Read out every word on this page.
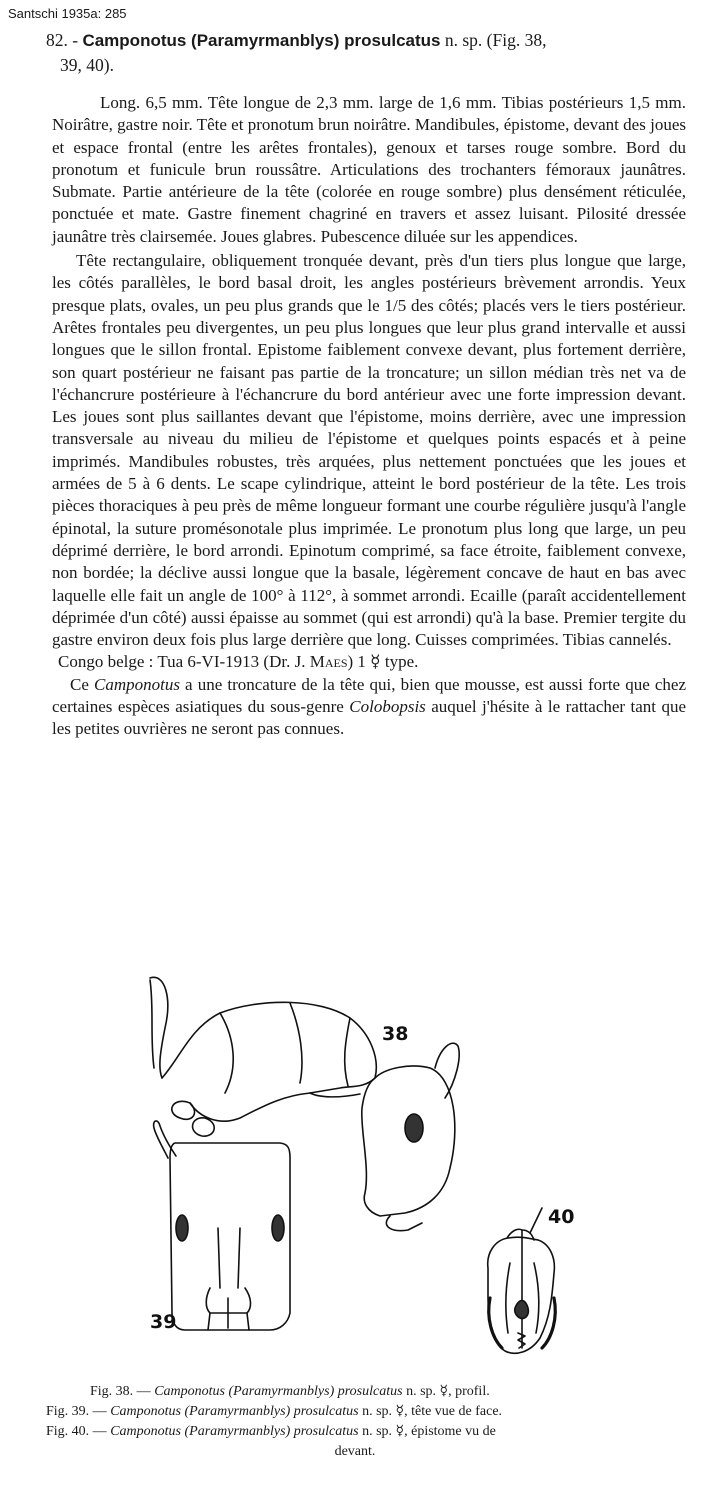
Santschi 1935a: 285
82. - Camponotus (Paramyrmanblys) prosulcatus n. sp. (Fig. 38,
39, 40).

Long. 6,5 mm. Tête longue de 2,3 mm. large de 1,6 mm. Tibias postérieurs 1,5 mm. Noirâtre, gastre noir. Tête et pronotum brun noirâtre. Mandibules, épistome, devant des joues et espace frontal (entre les arêtes frontales), genoux et tarses rouge sombre. Bord du pronotum et funicule brun roussâtre. Articulations des trochanters fémoraux jaunâtres. Submate. Partie antérieure de la tête (colorée en rouge sombre) plus densément réticulée, ponctuée et mate. Gastre finement chagriné en travers et assez luisant. Pilosité dressée jaunâtre très clairsemée. Joues glabres. Pubescence diluée sur les appendices.

Tête rectangulaire, obliquement tronquée devant, près d'un tiers plus longue que large, les côtés parallèles, le bord basal droit, les angles postérieurs brèvement arrondis. Yeux presque plats, ovales, un peu plus grands que le 1/5 des côtés; placés vers le tiers postérieur. Arêtes frontales peu divergentes, un peu plus longues que leur plus grand intervalle et aussi longues que le sillon frontal. Epistome faiblement convexe devant, plus fortement derrière, son quart postérieur ne faisant pas partie de la troncature; un sillon médian très net va de l'échancrure postérieure à l'échancrure du bord antérieur avec une forte impression devant. Les joues sont plus saillantes devant que l'épistome, moins derrière, avec une impression transversale au niveau du milieu de l'épistome et quelques points espacés et à peine imprimés. Mandibules robustes, très arquées, plus nettement ponctuées que les joues et armées de 5 à 6 dents. Le scape cylindrique, atteint le bord postérieur de la tête. Les trois pièces thoraciques à peu près de même longueur formant une courbe régulière jusqu'à l'angle épinotal, la suture promésonotale plus imprimée. Le pronotum plus long que large, un peu déprimé derrière, le bord arrondi. Epinotum comprimé, sa face étroite, faiblement convexe, non bordée; la déclive aussi longue que la basale, légèrement concave de haut en bas avec laquelle elle fait un angle de 100° à 112°, à sommet arrondi. Ecaille (paraît accidentellement déprimée d'un côté) aussi épaisse au sommet (qui est arrondi) qu'à la base. Premier tergite du gastre environ deux fois plus large derrière que long. Cuisses comprimées. Tibias cannelés.

Congo belge : Tua 6-VI-1913 (Dr. J. Maes) 1 ☿ type.

Ce Camponotus a une troncature de la tête qui, bien que mousse, est aussi forte que chez certaines espèces asiatiques du sous-genre Colobopsis auquel j'hésite à le rattacher tant que les petites ouvrières ne seront pas connues.

38
39
40
Fig. 38. — Camponotus (Paramyrmanblys) prosulcatus n. sp. ☿, profil.
Fig. 39. — Camponotus (Paramyrmanblys) prosulcatus n. sp. ☿, tête vue de face.
Fig. 40. — Camponotus (Paramyrmanblys) prosulcatus n. sp. ☿, épistome vu de
devant.
